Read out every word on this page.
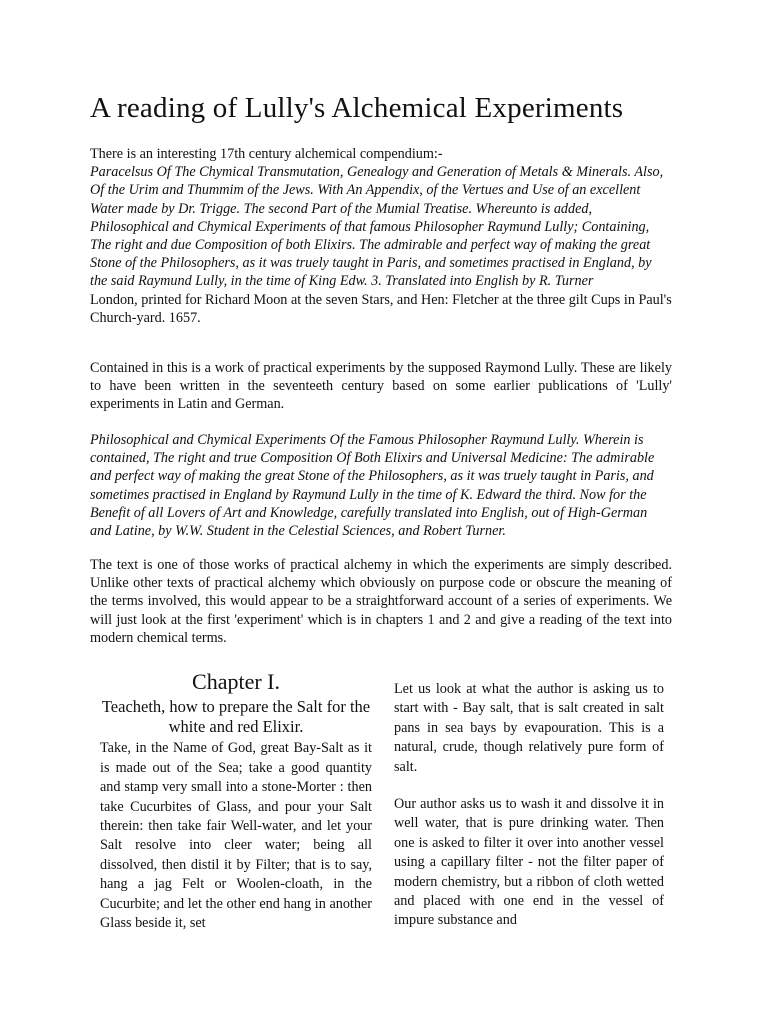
A reading of Lully's Alchemical Experiments

There is an interesting 17th century alchemical compendium:-

Paracelsus Of The Chymical Transmutation, Genealogy and Generation of Metals & Minerals. Also, Of the Urim and Thummim of the Jews. With An Appendix, of the Vertues and Use of an excellent Water made by Dr. Trigge. The second Part of the Mumial Treatise. Whereunto is added, Philosophical and Chymical Experiments of that famous Philosopher Raymund Lully; Containing, The right and due Composition of both Elixirs. The admirable and perfect way of making the great Stone of the Philosophers, as it was truely taught in Paris, and sometimes practised in England, by the said Raymund Lully, in the time of King Edw. 3. Translated into English by R. Turner

London, printed for Richard Moon at the seven Stars, and Hen: Fletcher at the three gilt Cups in Paul's Church-yard. 1657.

Contained in this is a work of practical experiments by the supposed Raymond Lully. These are likely to have been written in the seventeeth century based on some earlier publications of 'Lully' experiments in Latin and German.
Philosophical and Chymical Experiments Of the Famous Philosopher Raymund Lully. Wherein is contained, The right and true Composition Of Both Elixirs and Universal Medicine: The admirable and perfect way of making the great Stone of the Philosophers, as it was truely taught in Paris, and sometimes practised in England by Raymund Lully in the time of K. Edward the third. Now for the Benefit of all Lovers of Art and Knowledge, carefully translated into English, out of High-German and Latine, by W.W. Student in the Celestial Sciences, and Robert Turner.
The text is one of those works of practical alchemy in which the experiments are simply described. Unlike other texts of practical alchemy which obviously on purpose code or obscure the meaning of the terms involved, this would appear to be a straightforward account of a series of experiments. We will just look at the first 'experiment' which is in chapters 1 and 2 and give a reading of the text into modern chemical terms.
Chapter I.
Teacheth, how to prepare the Salt for the white and red Elixir.

Take, in the Name of God, great Bay-Salt as it is made out of the Sea; take a good quantity and stamp very small into a stone-Morter : then take Cucurbites of Glass, and pour your Salt therein: then take fair Well-water, and let your Salt resolve into cleer water; being all dissolved, then distil it by Filter; that is to say, hang a jag Felt or Woolen-cloath, in the Cucurbite; and let the other end hang in another Glass beside it, set

Let us look at what the author is asking us to start with - Bay salt, that is salt created in salt pans in sea bays by evapouration. This is a natural, crude, though relatively pure form of salt.

Our author asks us to wash it and dissolve it in well water, that is pure drinking water. Then one is asked to filter it over into another vessel using a capillary filter - not the filter paper of modern chemistry, but a ribbon of cloth wetted and placed with one end in the vessel of impure substance and
